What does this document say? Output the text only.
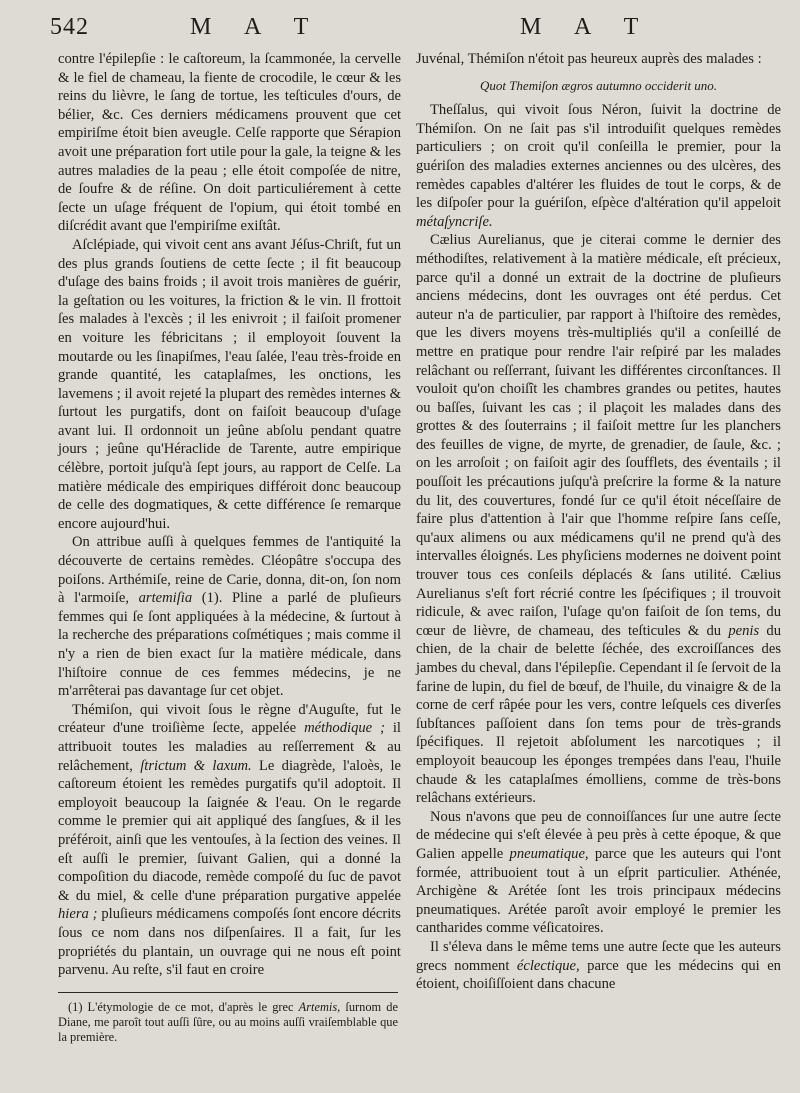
542	M A T	M A T

contre l'épilepſie : le caſtoreum, la ſcammonée, la cervelle & le fiel de chameau, la fiente de crocodile, le cœur & les reins du lièvre, le ſang de tortue, les teſticules d'ours, de bélier, &c. Ces derniers médicamens prouvent que cet empiriſme étoit bien aveugle. Celſe rapporte que Sérapion avoit une préparation fort utile pour la gale, la teigne & les autres maladies de la peau ; elle étoit compoſée de nitre, de ſoufre & de réſine. On doit particuliérement à cette ſecte un uſage fréquent de l'opium, qui étoit tombé en diſcrédit avant que l'empiriſme exiſtât.

Aſclépiade, qui vivoit cent ans avant Jéſus-Chriſt, fut un des plus grands ſoutiens de cette ſecte ; il fit beaucoup d'uſage des bains froids ; il avoit trois manières de guérir, la geſtation ou les voitures, la friction & le vin. Il frottoit ſes malades à l'excès ; il les enivroit ; il faiſoit promener en voiture les fébricitans ; il employoit ſouvent la moutarde ou les ſinapiſmes, l'eau ſalée, l'eau très-froide en grande quantité, les cataplaſmes, les onctions, les lavemens ; il avoit rejeté la plupart des remèdes internes & ſurtout les purgatifs, dont on faiſoit beaucoup d'uſage avant lui. Il ordonnoit un jeûne abſolu pendant quatre jours ; jeûne qu'Héraclide de Tarente, autre empirique célèbre, portoit juſqu'à ſept jours, au rapport de Celſe. La matière médicale des empiriques différoit donc beaucoup de celle des dogmatiques, & cette différence ſe remarque encore aujourd'hui.

On attribue auſſi à quelques femmes de l'antiquité la découverte de certains remèdes. Cléopâtre s'occupa des poiſons. Arthémiſe, reine de Carie, donna, dit-on, ſon nom à l'armoiſe, artemiſia (1). Pline a parlé de pluſieurs femmes qui ſe ſont appliquées à la médecine, & ſurtout à la recherche des préparations coſmétiques ; mais comme il n'y a rien de bien exact ſur la matière médicale, dans l'hiſtoire connue de ces femmes médecins, je ne m'arrêterai pas davantage ſur cet objet.

Thémiſon, qui vivoit ſous le règne d'Auguſte, fut le créateur d'une troiſième ſecte, appelée méthodique ; il attribuoit toutes les maladies au reſſerrement & au relâchement, ſtrictum & laxum. Le diagrède, l'aloès, le caſtoreum étoient les remèdes purgatifs qu'il adoptoit. Il employoit beaucoup la ſaignée & l'eau. On le regarde comme le premier qui ait appliqué des ſangſues, & il les préféroit, ainſi que les ventouſes, à la ſection des veines. Il eſt auſſi le premier, ſuivant Galien, qui a donné la compoſition du diacode, remède compoſé du ſuc de pavot & du miel, & celle d'une préparation purgative appelée hiera ; pluſieurs médicamens compoſés ſont encore décrits ſous ce nom dans nos diſpenſaires. Il a fait, ſur les propriétés du plantain, un ouvrage qui ne nous eſt point parvenu. Au reſte, s'il faut en croire

(1) L'étymologie de ce mot, d'après le grec Artemis, ſurnom de Diane, me paroît tout auſſi ſûre, ou au moins auſſi vraiſemblable que la première.

Juvénal, Thémiſon n'étoit pas heureux auprès des malades :

Quot Themiſon ægros autumno occiderit uno.

Theſſalus, qui vivoit ſous Néron, ſuivit la doctrine de Thémiſon. On ne ſait pas s'il introduiſit quelques remèdes particuliers ; on croit qu'il conſeilla le premier, pour la guériſon des maladies externes anciennes ou des ulcères, des remèdes capables d'altérer les fluides de tout le corps, & de les diſpoſer pour la guériſon, eſpèce d'altération qu'il appeloit métaſyncriſe.

Cælius Aurelianus, que je citerai comme le dernier des méthodiſtes, relativement à la matière médicale, eſt précieux, parce qu'il a donné un extrait de la doctrine de pluſieurs anciens médecins, dont les ouvrages ont été perdus. Cet auteur n'a de particulier, par rapport à l'hiſtoire des remèdes, que les divers moyens très-multipliés qu'il a conſeillé de mettre en pratique pour rendre l'air reſpiré par les malades relâchant ou reſſerrant, ſuivant les différentes circonſtances. Il vouloit qu'on choiſît les chambres grandes ou petites, hautes ou baſſes, ſuivant les cas ; il plaçoit les malades dans des grottes & des ſouterrains ; il faiſoit mettre ſur les planchers des feuilles de vigne, de myrte, de grenadier, de ſaule, &c. ; on les arroſoit ; on faiſoit agir des ſoufflets, des éventails ; il pouſſoit les précautions juſqu'à preſcrire la forme & la nature du lit, des couvertures, fondé ſur ce qu'il étoit néceſſaire de faire plus d'attention à l'air que l'homme reſpire ſans ceſſe, qu'aux alimens ou aux médicamens qu'il ne prend qu'à des intervalles éloignés. Les phyſiciens modernes ne doivent point trouver tous ces conſeils déplacés & ſans utilité. Cælius Aurelianus s'eſt fort récrié contre les ſpécifiques ; il trouvoit ridicule, & avec raiſon, l'uſage qu'on faiſoit de ſon tems, du cœur de lièvre, de chameau, des teſticules & du penis du chien, de la chair de belette ſéchée, des excroiſſances des jambes du cheval, dans l'épilepſie. Cependant il ſe ſervoit de la farine de lupin, du fiel de bœuf, de l'huile, du vinaigre & de la corne de cerf râpée pour les vers, contre leſquels ces diverſes ſubſtances paſſoient dans ſon tems pour de très-grands ſpécifiques. Il rejetoit abſolument les narcotiques ; il employoit beaucoup les éponges trempées dans l'eau, l'huile chaude & les cataplaſmes émolliens, comme de très-bons relâchans extérieurs.

Nous n'avons que peu de connoiſſances ſur une autre ſecte de médecine qui s'eſt élevée à peu près à cette époque, & que Galien appelle pneumatique, parce que les auteurs qui l'ont formée, attribuoient tout à un eſprit particulier. Athénée, Archigène & Arétée ſont les trois principaux médecins pneumatiques. Arétée paroît avoir employé le premier les cantharides comme véſicatoires.

Il s'éleva dans le même tems une autre ſecte que les auteurs grecs nomment éclectique, parce que les médecins qui en étoient, choiſiſſoient dans chacune
